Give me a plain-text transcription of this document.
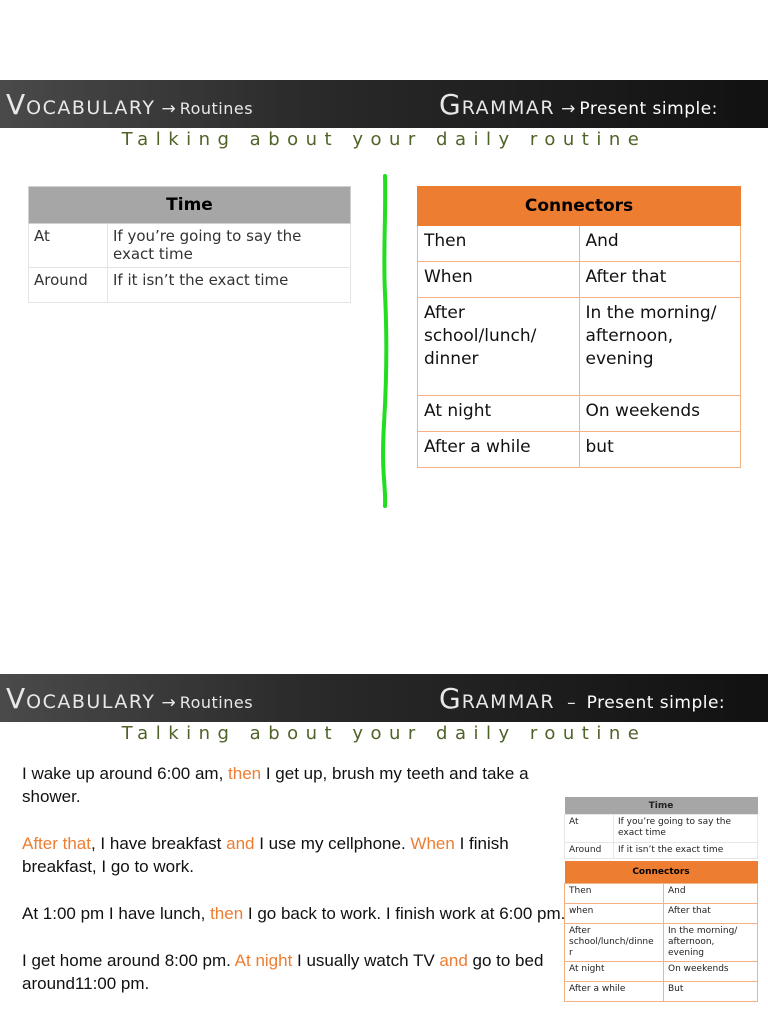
VOCABULARY → Routines	GRAMMAR → Present simple:
Talking about your daily routine
Time	
At	If you’re going to say the exact time
Around	If it isn’t the exact time
Connectors	
Then	And
When	After that
After school/lunch/ dinner	In the morning/ afternoon, evening
At night	On weekends
After a while	but
VOCABULARY → Routines	GRAMMAR – Present simple:
Talking about your daily routine

I wake up around 6:00 am, then I get up, brush my teeth and take a shower.

After that, I have breakfast and I use my cellphone. When I finish breakfast, I go to work.

At 1:00 pm I have lunch, then I go back to work. I finish work at 6:00 pm.

I get home around 8:00 pm. At night I usually watch TV and go to bed around11:00 pm.

Time	
At	If you’re going to say the exact time
Around	If it isn’t the exact time
Connectors	
Then	And
when	After that
After school/lunch/dinne r	In the morning/ afternoon, evening
At night	On weekends
After a while	But
